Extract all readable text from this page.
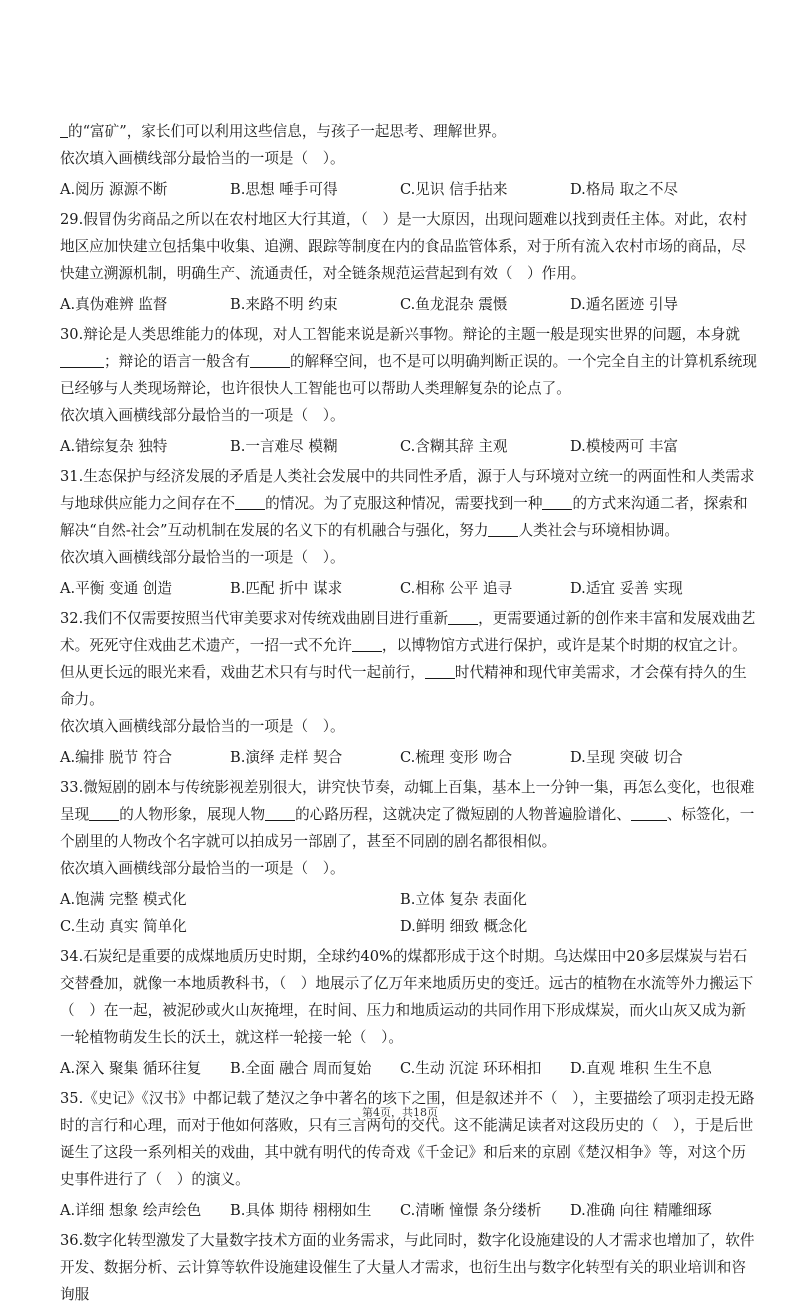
的“富矿”，家长们可以利用这些信息，与孩子一起思考、理解世界。

依次填入画横线部分最恰当的一项是（　）。

A.阅历 源源不断	B.思想 唾手可得	C.见识 信手拈来	D.格局 取之不尽

29.假冒伪劣商品之所以在农村地区大行其道，（　）是一大原因，出现问题难以找到责任主体。对此，农村地区应加快建立包括集中收集、追溯、跟踪等制度在内的食品监管体系，对于所有流入农村市场的商品，尽快建立溯源机制，明确生产、流通责任，对全链条规范运营起到有效（　）作用。

A.真伪难辨 监督	B.来路不明 约束	C.鱼龙混杂 震慑	D.遁名匿迹 引导

30.辩论是人类思维能力的体现，对人工智能来说是新兴事物。辩论的主题一般是现实世界的问题，本身就；辩论的语言一般含有	的解释空间，也不是可以明确判断正误的。一个完全自主的计算机系统现已经够与人类现场辩论，也许很快人工智能也可以帮助人类理解复杂的论点了。

依次填入画横线部分最恰当的一项是（　）。

A.错综复杂 独特	B.一言难尽 模糊	C.含糊其辞 主观	D.模棱两可 丰富

31.生态保护与经济发展的矛盾是人类社会发展中的共同性矛盾，源于人与环境对立统一的两面性和人类需求与地球供应能力之间存在不 的情况。为了克服这种情况，需要找到一种 的方式来沟通二者，探索和解决“自然-社会”互动机制在发展的名义下的有机融合与强化，努力 人类社会与环境相协调。

依次填入画横线部分最恰当的一项是（　）。

A.平衡 变通 创造	B.匹配 折中 谋求	C.相称 公平 追寻	D.适宜 妥善 实现

32.我们不仅需要按照当代审美要求对传统戏曲剧目进行重新 ，更需要通过新的创作来丰富和发展戏曲艺术。死死守住戏曲艺术遗产，一招一式不允许 ，以博物馆方式进行保护，或许是某个时期的权宜之计。但从更长远的眼光来看，戏曲艺术只有与时代一起前行， 时代精神和现代审美需求，才会葆有持久的生命力。

依次填入画横线部分最恰当的一项是（　）。

A.编排 脱节 符合	B.演绎 走样 契合	C.梳理 变形 吻合	D.呈现 突破 切合

33.微短剧的剧本与传统影视差别很大，讲究快节奏，动辄上百集，基本上一分钟一集，再怎么变化，也很难呈现 的人物形象，展现人物 的心路历程，这就决定了微短剧的人物普遍脸谱化、 、标签化，一个剧里的人物改个名字就可以拍成另一部剧了，甚至不同剧的剧名都很相似。

依次填入画横线部分最恰当的一项是（　）。

A.饱满 完整 模式化	B.立体 复杂 表面化
C.生动 真实 简单化	D.鲜明 细致 概念化

34.石炭纪是重要的成煤地质历史时期，全球约40%的煤都形成于这个时期。乌达煤田中20多层煤炭与岩石交替叠加，就像一本地质教科书，（　）地展示了亿万年来地质历史的变迁。远古的植物在水流等外力搬运下（　）在一起，被泥砂或火山灰掩埋，在时间、压力和地质运动的共同作用下形成煤炭，而火山灰又成为新一轮植物萌发生长的沃土，就这样一轮接一轮（　）。

A.深入 聚集 循环往复	B.全面 融合 周而复始	C.生动 沉淀 环环相扣	D.直观 堆积 生生不息

35.《史记》《汉书》中都记载了楚汉之争中著名的垓下之围，但是叙述并不（　），主要描绘了项羽走投无路时的言行和心理，而对于他如何落败，只有三言两句的交代。这不能满足读者对这段历史的（　），于是后世诞生了这段一系列相关的戏曲，其中就有明代的传奇戏《千金记》和后来的京剧《楚汉相争》等，对这个历史事件进行了（　）的演义。

A.详细 想象 绘声绘色	B.具体 期待 栩栩如生	C.清晰 憧憬 条分缕析	D.准确 向往 精雕细琢

36.数字化转型激发了大量数字技术方面的业务需求，与此同时，数字化设施建设的人才需求也增加了，软件开发、数据分析、云计算等软件设施建设催生了大量人才需求，也衍生出与数字化转型有关的职业培训和咨询服

第4页，共18页
